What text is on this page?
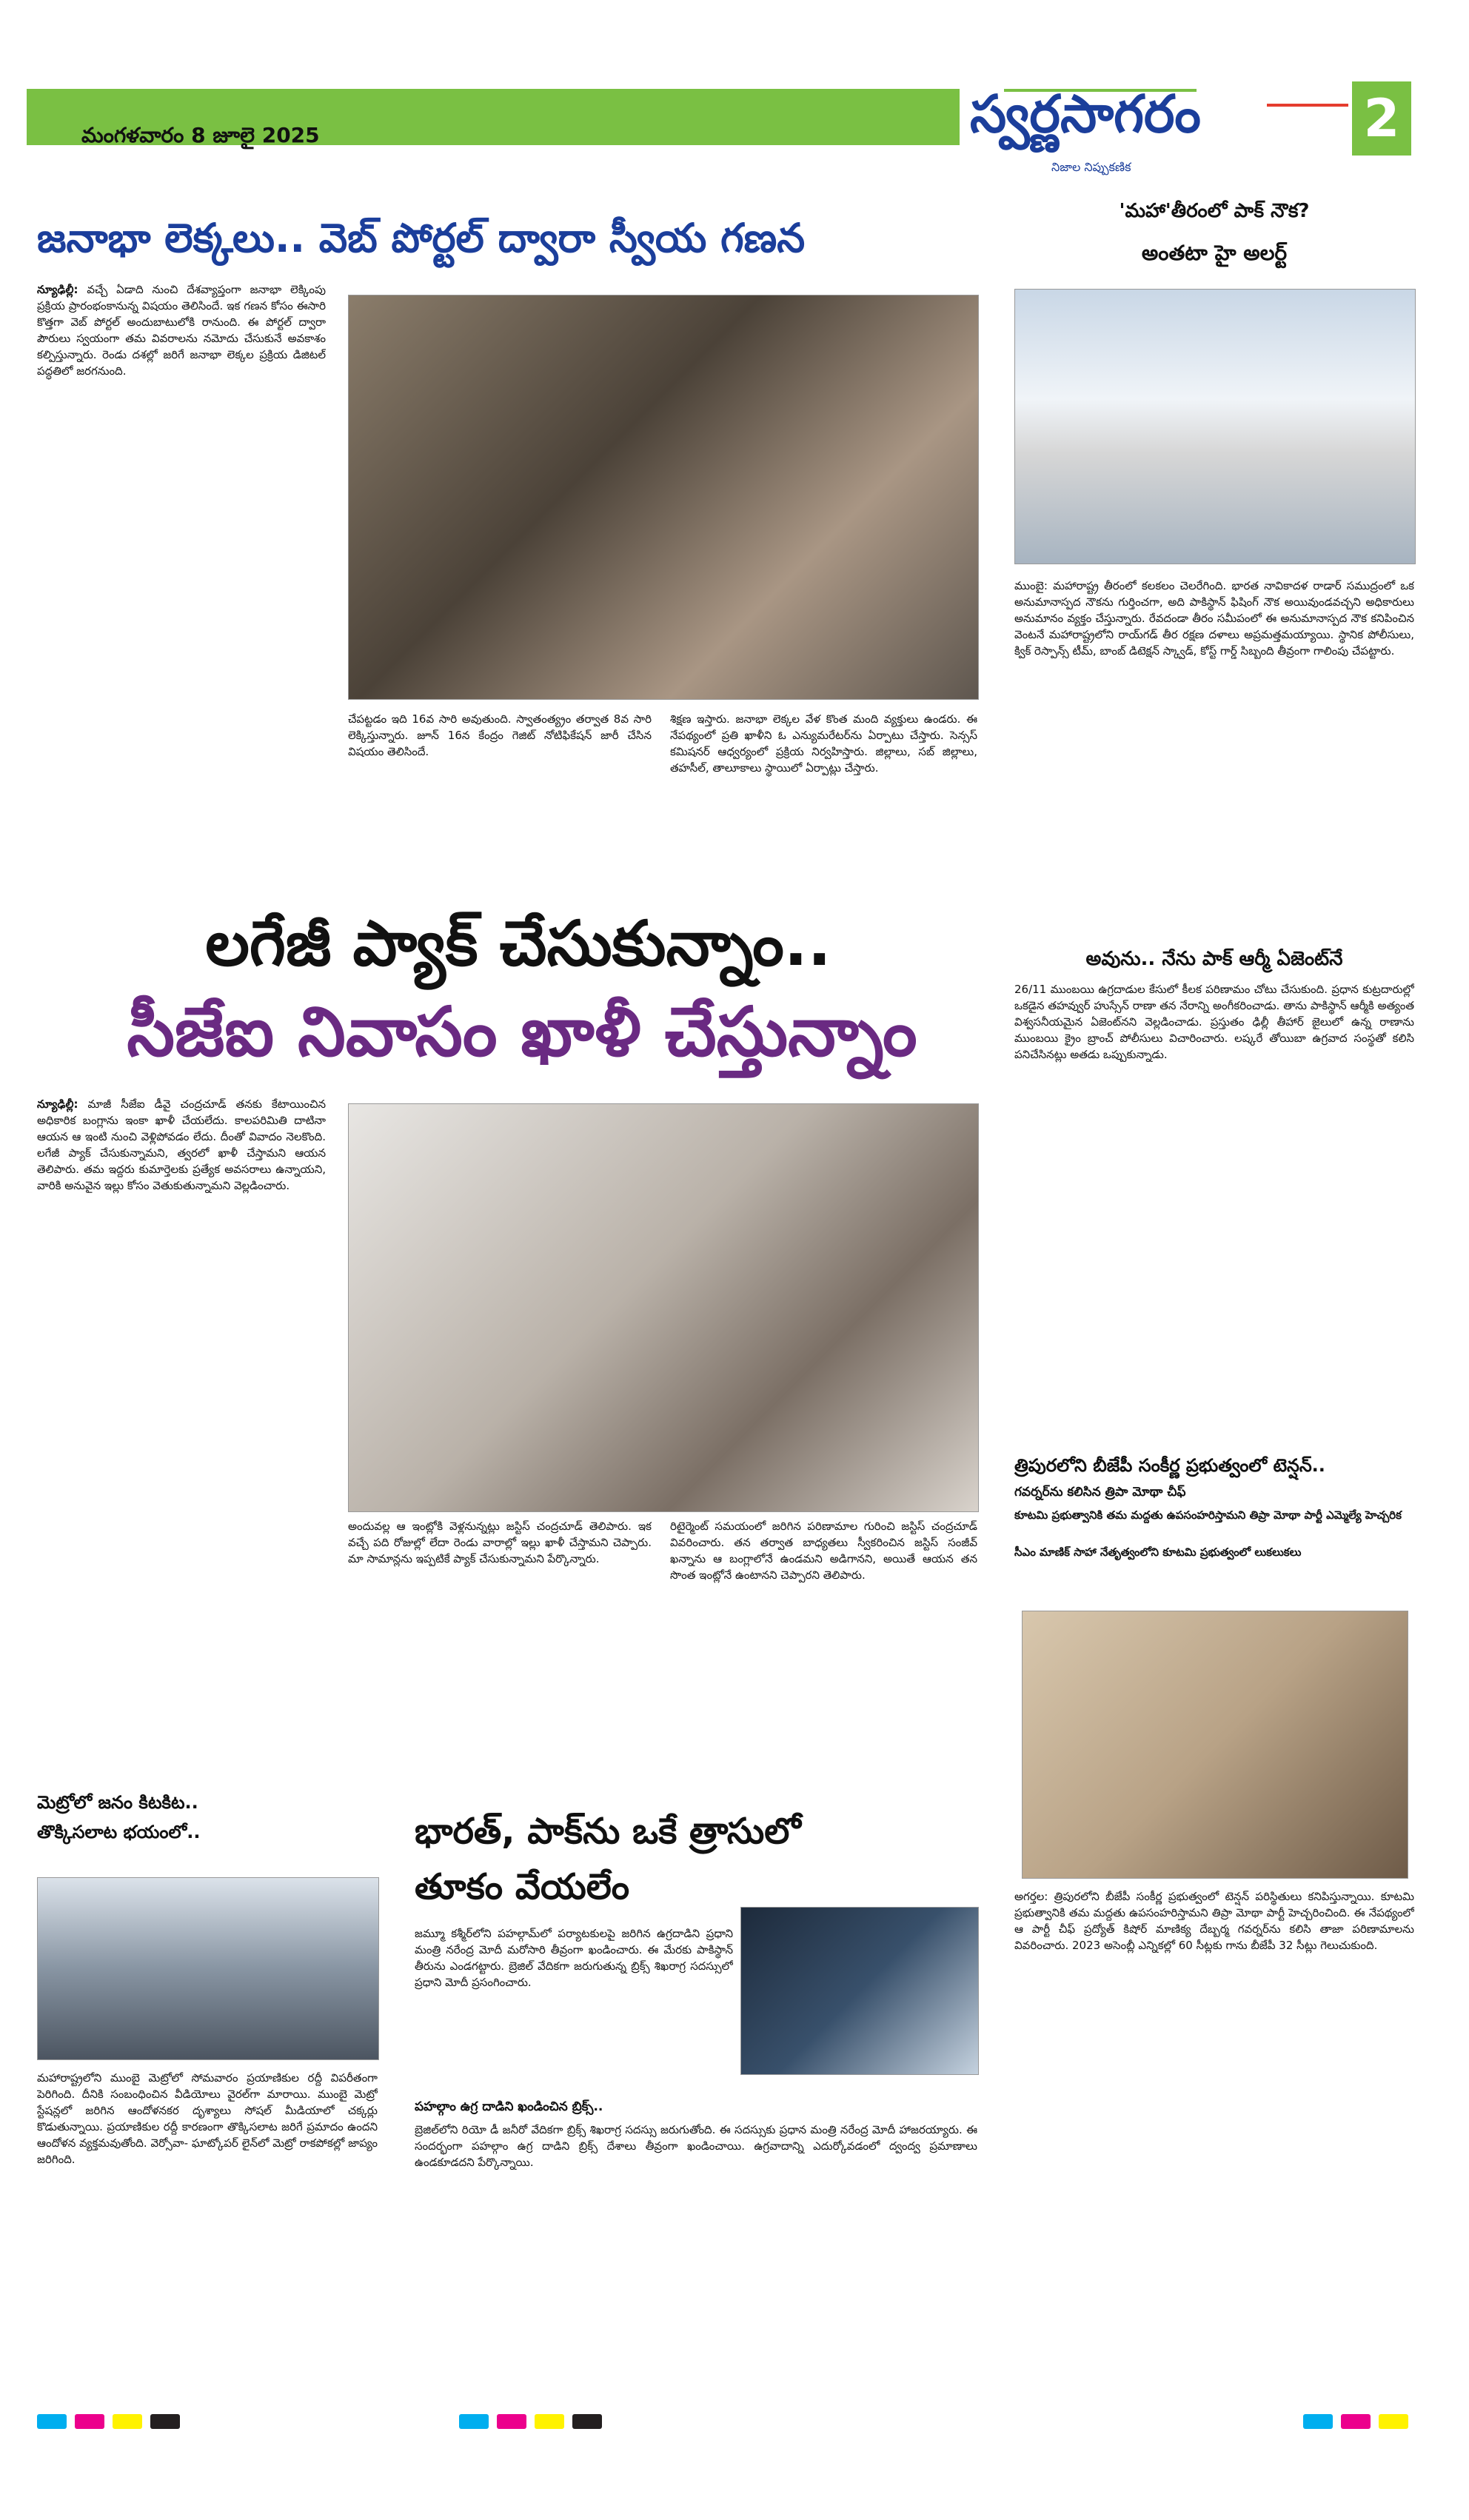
2
మంగళవారం 8 జూలై 2025	స్వర్ణసాగరం
నిజాల నిప్పుకణిక
జనాభా లెక్కలు.. వెబ్ పోర్టల్ ద్వారా స్వీయ గణన
న్యూఢిల్లీ: వచ్చే ఏడాది నుంచి దేశవ్యాప్తంగా జనాభా లెక్కింపు ప్రక్రియ ప్రారంభంకానున్న విషయం తెలిసిందే. ఇక గణన కోసం ఈసారి కొత్తగా వెబ్ పోర్టల్ అందుబాటులోకి రానుంది. ఈ పోర్టల్ ద్వారా పౌరులు స్వయంగా తమ వివరాలను నమోదు చేసుకునే అవకాశం కల్పిస్తున్నారు. రెండు దశల్లో జరిగే జనాభా లెక్కల ప్రక్రియ డిజిటల్ పద్ధతిలో జరగనుంది.
చేపట్టడం ఇది 16వ సారి అవుతుంది. స్వాతంత్య్రం తర్వాత 8వ సారి లెక్కిస్తున్నారు. జూన్ 16న కేంద్రం గెజిట్ నోటిఫికేషన్ జారీ చేసిన విషయం తెలిసిందే.
శిక్షణ ఇస్తారు. జనాభా లెక్కల వేళ కొంత మంది వ్యక్తులు ఉండరు. ఈ నేపథ్యంలో ప్రతి ఖాళీని ఓ ఎన్యుమరేటర్‌ను ఏర్పాటు చేస్తారు. సెన్సస్ కమిషనర్ ఆధ్వర్యంలో ప్రక్రియ నిర్వహిస్తారు. జిల్లాలు, సబ్ జిల్లాలు, తహసీల్, తాలూకాలు స్థాయిలో ఏర్పాట్లు చేస్తారు.
లగేజీ ప్యాక్ చేసుకున్నాం..
సీజేఐ నివాసం ఖాళీ చేస్తున్నాం
న్యూఢిల్లీ: మాజీ సీజేఐ డీవై చంద్రచూడ్ తనకు కేటాయించిన అధికారిక బంగ్లాను ఇంకా ఖాళీ చేయలేదు. కాలపరిమితి దాటినా ఆయన ఆ ఇంటి నుంచి వెళ్లిపోవడం లేదు. దీంతో వివాదం నెలకొంది. లగేజీ ప్యాక్ చేసుకున్నామని, త్వరలో ఖాళీ చేస్తామని ఆయన తెలిపారు. తమ ఇద్దరు కుమార్తెలకు ప్రత్యేక అవసరాలు ఉన్నాయని, వారికి అనువైన ఇల్లు కోసం వెతుకుతున్నామని వెల్లడించారు.
అందువల్ల ఆ ఇంట్లోకి వెళ్లనున్నట్లు జస్టిస్ చంద్రచూడ్ తెలిపారు. ఇక వచ్చే పది రోజుల్లో లేదా రెండు వారాల్లో ఇల్లు ఖాళీ చేస్తామని చెప్పారు. మా సామాన్లను ఇప్పటికే ప్యాక్ చేసుకున్నామని పేర్కొన్నారు.
రిటైర్మెంట్ సమయంలో జరిగిన పరిణామాల గురించి జస్టిస్ చంద్రచూడ్ వివరించారు. తన తర్వాత బాధ్యతలు స్వీకరించిన జస్టిస్ సంజీవ్ ఖన్నాను ఆ బంగ్లాలోనే ఉండమని అడిగానని, అయితే ఆయన తన సొంత ఇంట్లోనే ఉంటానని చెప్పారని తెలిపారు.
'మహా'తీరంలో పాక్ నౌక?
అంతటా హై అలర్ట్
ముంబై: మహారాష్ట్ర తీరంలో కలకలం చెలరేగింది. భారత నావికాదళ రాడార్ సముద్రంలో ఒక అనుమానాస్పద నౌకను గుర్తించగా, అది పాకిస్థాన్ ఫిషింగ్ నౌక అయివుండవచ్చని అధికారులు అనుమానం వ్యక్తం చేస్తున్నారు. రేవదండా తీరం సమీపంలో ఈ అనుమానాస్పద నౌక కనిపించిన వెంటనే మహారాష్ట్రలోని రాయ్‌గడ్ తీర రక్షణ దళాలు అప్రమత్తమయ్యాయి. స్థానిక పోలీసులు, క్విక్ రెస్పాన్స్ టీమ్, బాంబ్ డిటెక్షన్ స్క్వాడ్, కోస్ట్ గార్డ్ సిబ్బంది తీవ్రంగా గాలింపు చేపట్టారు.
అవును.. నేను పాక్ ఆర్మీ ఏజెంట్‌నే
26/11 ముంబయి ఉగ్రదాడుల కేసులో కీలక పరిణామం చోటు చేసుకుంది. ప్రధాన కుట్రదారుల్లో ఒకడైన తహవ్వుర్ హుస్సేన్ రాణా తన నేరాన్ని అంగీకరించాడు. తాను పాకిస్థాన్ ఆర్మీకి అత్యంత విశ్వసనీయమైన ఏజెంట్‌నని వెల్లడించాడు. ప్రస్తుతం ఢిల్లీ తీహార్ జైలులో ఉన్న రాణాను ముంబయి క్రైం బ్రాంచ్ పోలీసులు విచారించారు. లష్కరే తోయిబా ఉగ్రవాద సంస్థతో కలిసి పనిచేసినట్లు అతడు ఒప్పుకున్నాడు.
త్రిపురలోని బీజేపీ సంకీర్ణ ప్రభుత్వంలో టెన్షన్..
గవర్నర్‌ను కలిసిన త్రిపా మోథా చీఫ్
కూటమి ప్రభుత్వానికి తమ మద్దతు ఉపసంహరిస్తామని తిప్రా మోథా పార్టీ ఎమ్మెల్యే హెచ్చరిక
సీఎం మాణిక్ సాహా నేతృత్వంలోని కూటమి ప్రభుత్వంలో లుకలుకలు
అగర్తల: త్రిపురలోని బీజేపీ సంకీర్ణ ప్రభుత్వంలో టెన్షన్ పరిస్థితులు కనిపిస్తున్నాయి. కూటమి ప్రభుత్వానికి తమ మద్దతు ఉపసంహరిస్తామని తిప్రా మోథా పార్టీ హెచ్చరించింది. ఈ నేపథ్యంలో ఆ పార్టీ చీఫ్ ప్రద్యోత్ కిషోర్ మాణిక్య దేబ్బర్మ గవర్నర్‌ను కలిసి తాజా పరిణామాలను వివరించారు. 2023 అసెంబ్లీ ఎన్నికల్లో 60 సీట్లకు గాను బీజేపీ 32 సీట్లు గెలుచుకుంది.
మెట్రోలో జనం కిటకిట..
తొక్కిసలాట భయంలో..
మహారాష్ట్రలోని ముంబై మెట్రోలో సోమవారం ప్రయాణికుల రద్దీ విపరీతంగా పెరిగింది. దీనికి సంబంధించిన వీడియోలు వైరల్‌గా మారాయి. ముంబై మెట్రో స్టేషన్లలో జరిగిన ఆందోళనకర దృశ్యాలు సోషల్ మీడియాలో చక్కర్లు కొడుతున్నాయి. ప్రయాణికుల రద్దీ కారణంగా తొక్కిసలాట జరిగే ప్రమాదం ఉందని ఆందోళన వ్యక్తమవుతోంది. వెర్సోవా- ఘాట్కోపర్ లైన్‌లో మెట్రో రాకపోకల్లో జాప్యం జరిగింది.
భారత్, పాక్‌ను ఒకే త్రాసులో
తూకం వేయలేం
జమ్మూ కశ్మీర్‌లోని పహల్గామ్‌లో పర్యాటకులపై జరిగిన ఉగ్రదాడిని ప్రధాని మంత్రి నరేంద్ర మోదీ మరోసారి తీవ్రంగా ఖండించారు. ఈ మేరకు పాకిస్థాన్ తీరును ఎండగట్టారు. బ్రెజిల్ వేదికగా జరుగుతున్న బ్రిక్స్ శిఖరాగ్ర సదస్సులో ప్రధాని మోదీ ప్రసంగించారు.
పహల్గాం ఉగ్ర దాడిని ఖండించిన బ్రిక్స్..
బ్రెజిల్‌లోని రియో డీ జనీరో వేదికగా బ్రిక్స్ శిఖరాగ్ర సదస్సు జరుగుతోంది. ఈ సదస్సుకు ప్రధాన మంత్రి నరేంద్ర మోదీ హాజరయ్యారు. ఈ సందర్భంగా పహల్గాం ఉగ్ర దాడిని బ్రిక్స్ దేశాలు తీవ్రంగా ఖండించాయి. ఉగ్రవాదాన్ని ఎదుర్కోవడంలో ద్వంద్వ ప్రమాణాలు ఉండకూడదని పేర్కొన్నాయి.
